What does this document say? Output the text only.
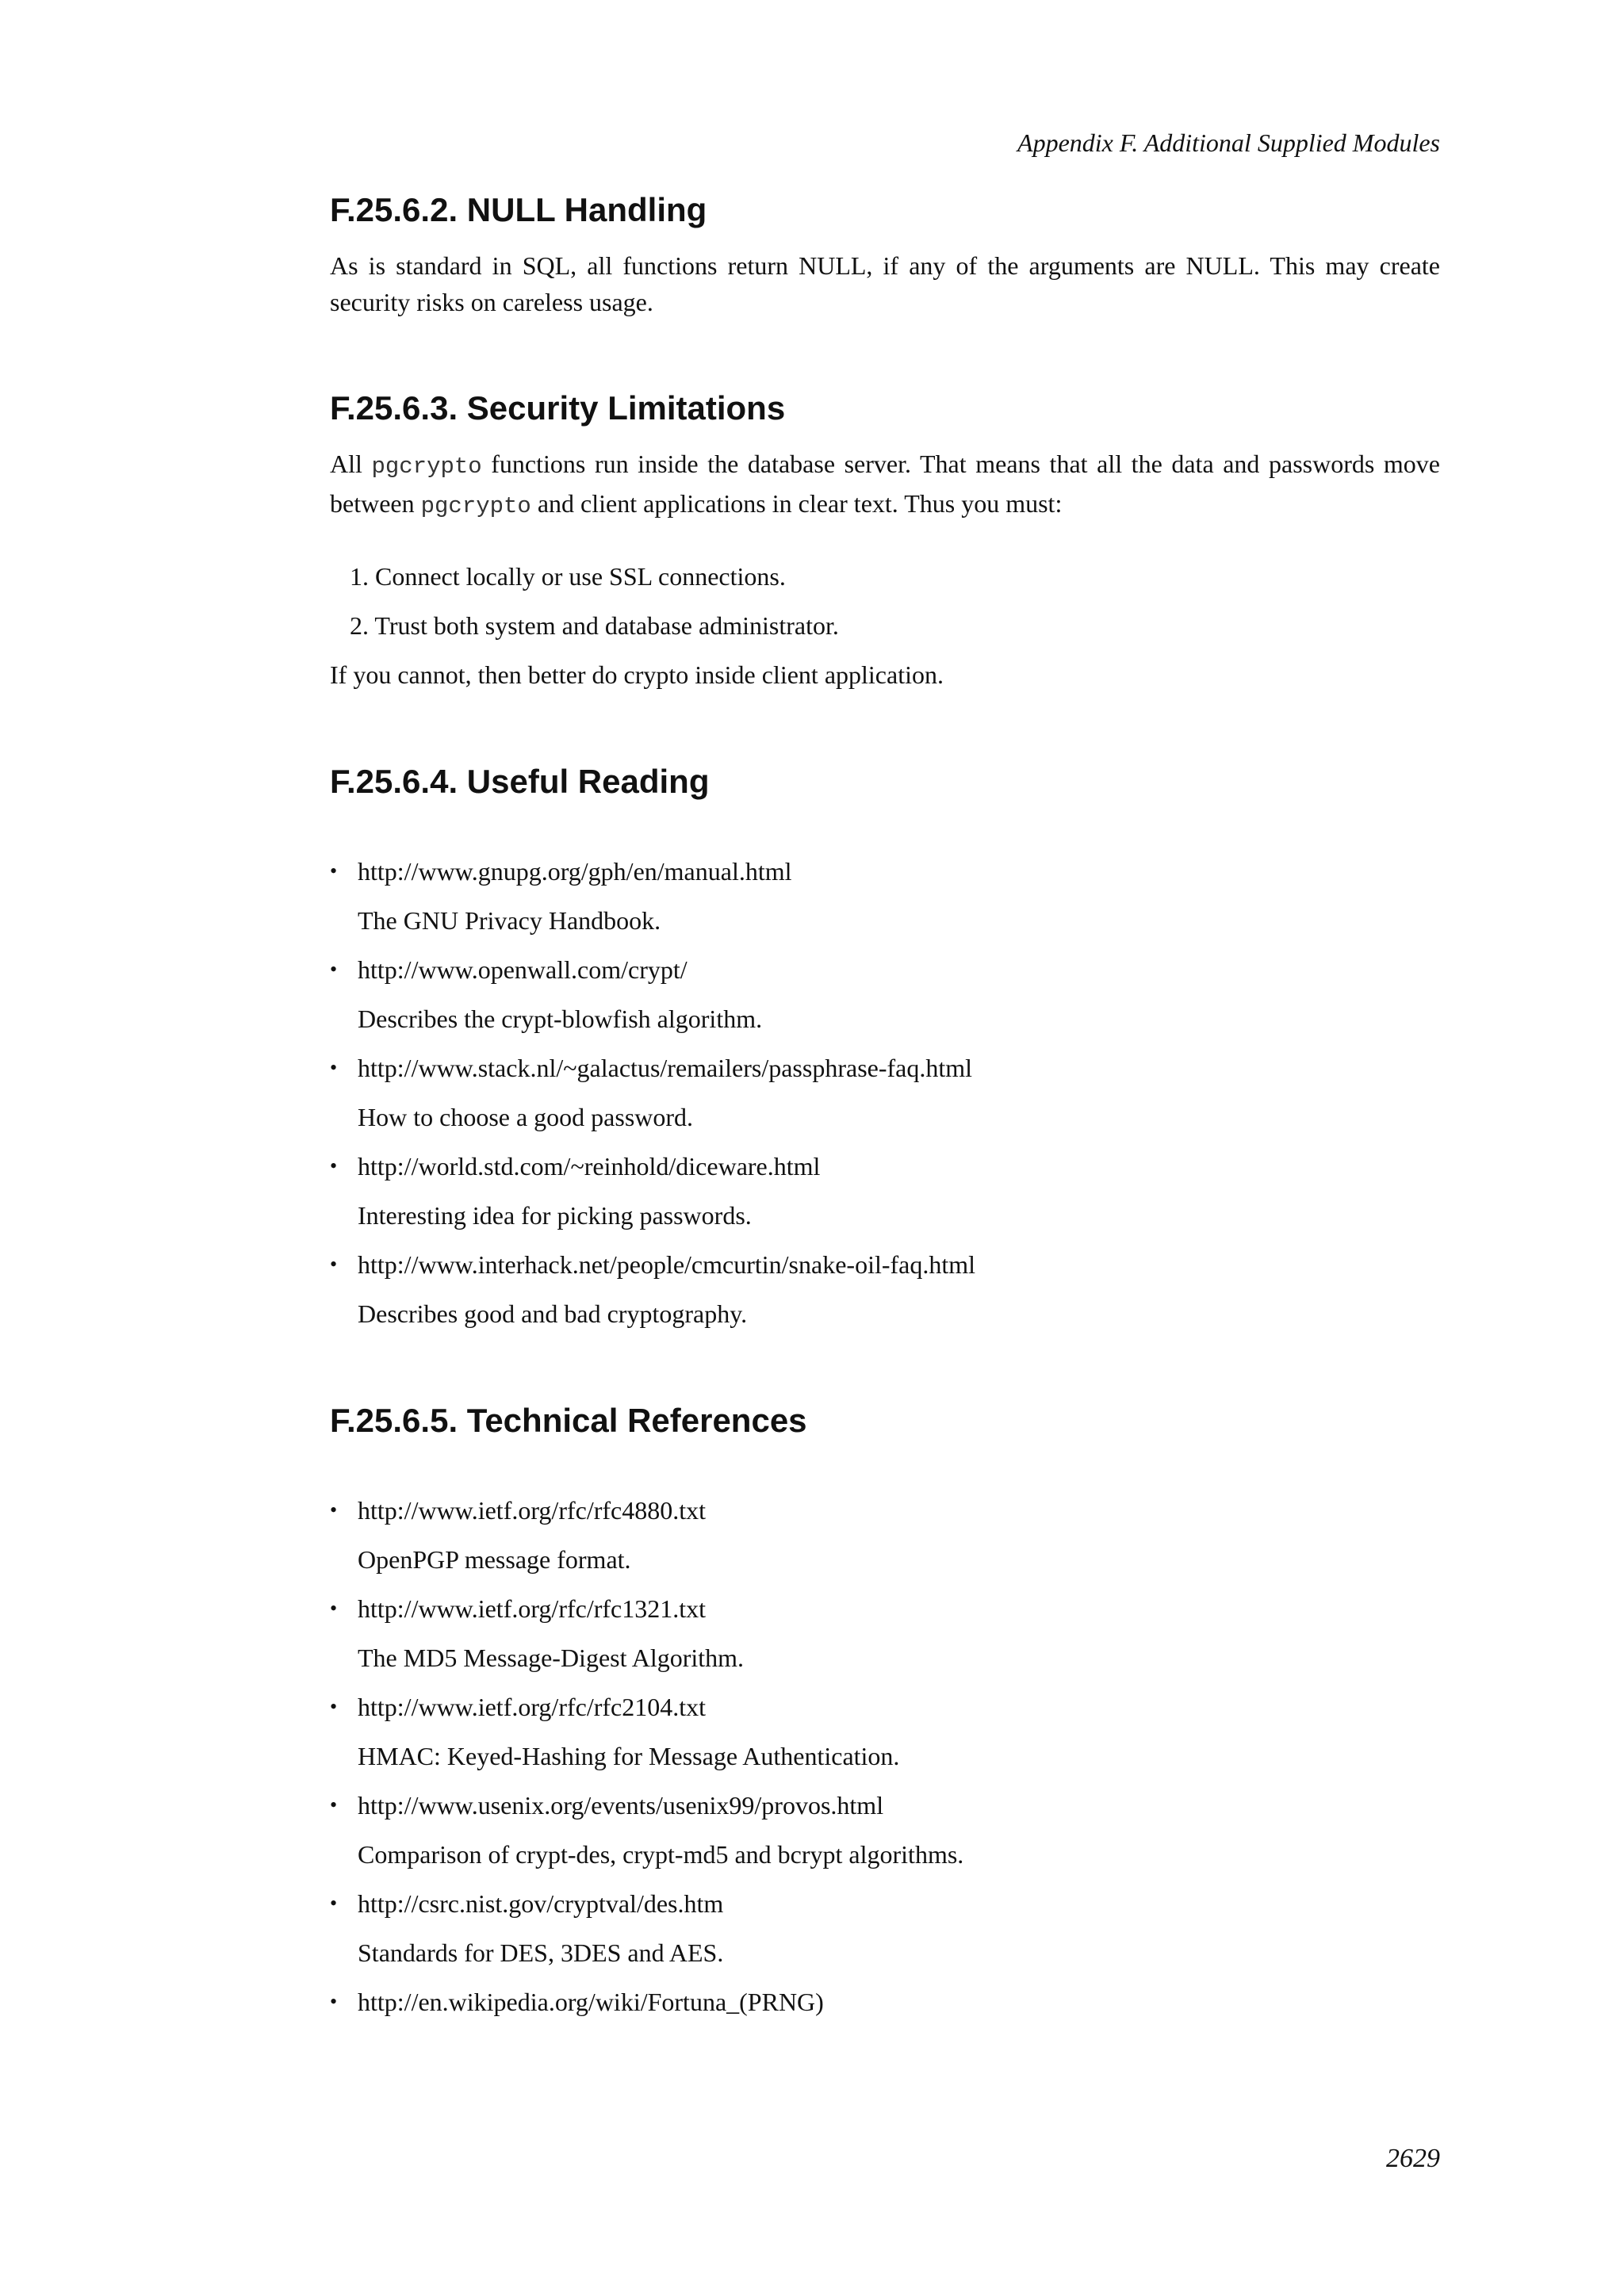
Appendix F. Additional Supplied Modules
F.25.6.2. NULL Handling

As is standard in SQL, all functions return NULL, if any of the arguments are NULL. This may create security risks on careless usage.

F.25.6.3. Security Limitations

All pgcrypto functions run inside the database server. That means that all the data and passwords move between pgcrypto and client applications in clear text. Thus you must:

1. Connect locally or use SSL connections.
2. Trust both system and database administrator.

If you cannot, then better do crypto inside client application.

F.25.6.4. Useful Reading
• http://www.gnupg.org/gph/en/manual.html
The GNU Privacy Handbook.
• http://www.openwall.com/crypt/
Describes the crypt-blowfish algorithm.
• http://www.stack.nl/~galactus/remailers/passphrase-faq.html
How to choose a good password.
• http://world.std.com/~reinhold/diceware.html
Interesting idea for picking passwords.
• http://www.interhack.net/people/cmcurtin/snake-oil-faq.html
Describes good and bad cryptography.
F.25.6.5. Technical References
• http://www.ietf.org/rfc/rfc4880.txt
OpenPGP message format.
• http://www.ietf.org/rfc/rfc1321.txt
The MD5 Message-Digest Algorithm.
• http://www.ietf.org/rfc/rfc2104.txt
HMAC: Keyed-Hashing for Message Authentication.
• http://www.usenix.org/events/usenix99/provos.html
Comparison of crypt-des, crypt-md5 and bcrypt algorithms.
• http://csrc.nist.gov/cryptval/des.htm
Standards for DES, 3DES and AES.
• http://en.wikipedia.org/wiki/Fortuna_(PRNG)
2629
